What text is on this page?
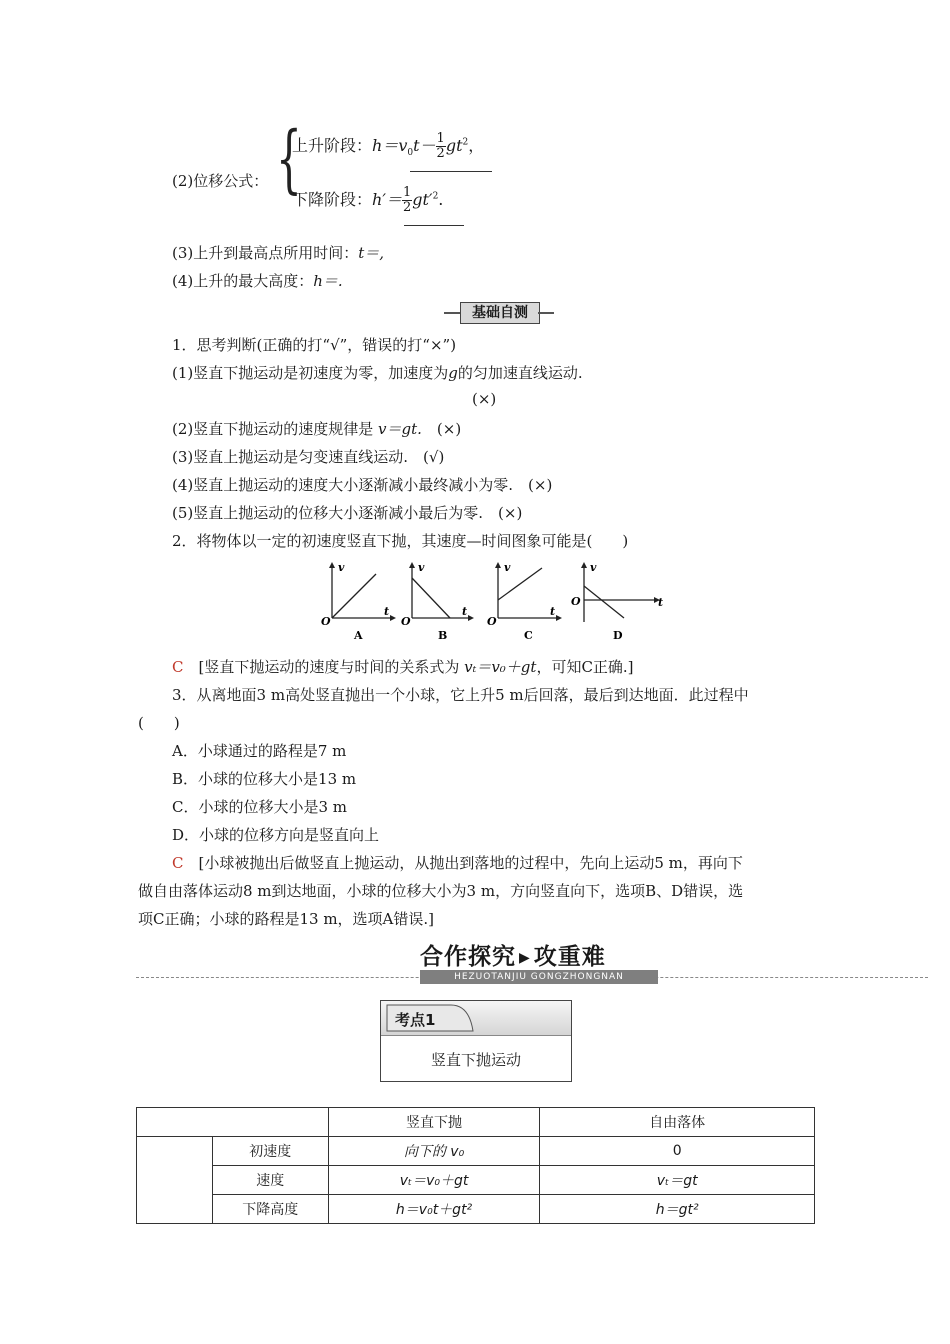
(2)位移公式： {
上升阶段：$h=v_0t- \frac{1}{2} gt^2$，
下降阶段：$h'= \frac{1}{2} gt'^2$.
(3)上升到最高点所用时间：t＝,
(4)上升的最大高度：h＝.
基础自测
1．思考判断(正确的打“√”，错误的打“×”)
(1)竖直下抛运动是初速度为零，加速度为g的匀加速直线运动.
(×)
(2)竖直下抛运动的速度规律是 v＝gt.　 (×)
(3)竖直上抛运动是匀变速直线运动.　 (√)
(4)竖直上抛运动的速度大小逐渐减小最终减小为零.　 (×)
(5)竖直上抛运动的位移大小逐渐减小最后为零.　 (×)
2．将物体以一定的初速度竖直下抛，其速度—时间图象可能是(　　)
v
t
O
A
v
t
O
B
v
t
O
C
v
t
O
D
C　 [竖直下抛运动的速度与时间的关系式为 vₜ＝v₀＋gt，可知C正确.]
3．从离地面3 m高处竖直抛出一个小球，它上升5 m后回落，最后到达地面．此过程中
(　　)
A．小球通过的路程是7 m
B．小球的位移大小是13 m
C．小球的位移大小是3 m
D．小球的位移方向是竖直向上
C　 [小球被抛出后做竖直上抛运动，从抛出到落地的过程中，先向上运动5 m，再向下
做自由落体运动8 m到达地面，小球的位移大小为3 m，方向竖直向下，选项B、D错误，选
项C正确；小球的路程是13 m，选项A错误.]
合作探究 ▶ 攻重难
HEZUOTANJIU GONGZHONGNAN
考点1
竖直下抛运动
		竖直下抛	自由落体
	初速度	向下的 v₀	0
	速度	vₜ＝v₀＋gt	vₜ＝gt
	下降高度	h＝v₀t＋gt²	h＝gt²
